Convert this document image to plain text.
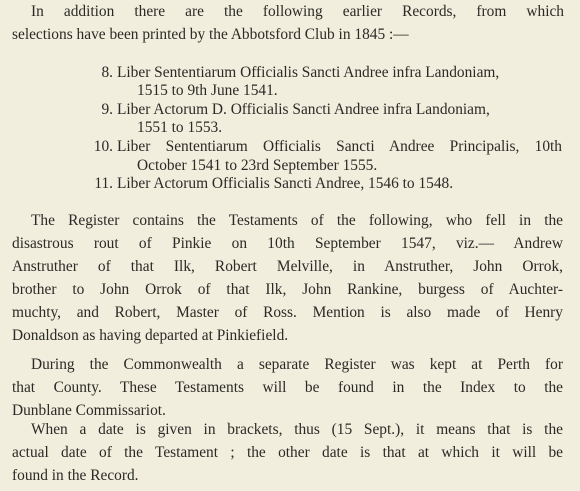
In addition there are the following earlier Records, from which
selections have been printed by the Abbotsford Club in 1845 :—
8. Liber Sententiarum Officialis Sancti Andree infra Landoniam,
1515 to 9th June 1541.
9. Liber Actorum D. Officialis Sancti Andree infra Landoniam,
1551 to 1553.
10. Liber Sententiarum Officialis Sancti Andree Principalis, 10th
October 1541 to 23rd September 1555.
11. Liber Actorum Officialis Sancti Andree, 1546 to 1548.
The Register contains the Testaments of the following, who fell in the
disastrous rout of Pinkie on 10th September 1547, viz.— Andrew
Anstruther of that Ilk, Robert Melville, in Anstruther, John Orrok,
brother to John Orrok of that Ilk, John Rankine, burgess of Auchter-
muchty, and Robert, Master of Ross. Mention is also made of Henry
Donaldson as having departed at Pinkiefield.
During the Commonwealth a separate Register was kept at Perth for
that County. These Testaments will be found in the Index to the
Dunblane Commissariot.
When a date is given in brackets, thus (15 Sept.), it means that is the
actual date of the Testament ; the other date is that at which it will be
found in the Record.
